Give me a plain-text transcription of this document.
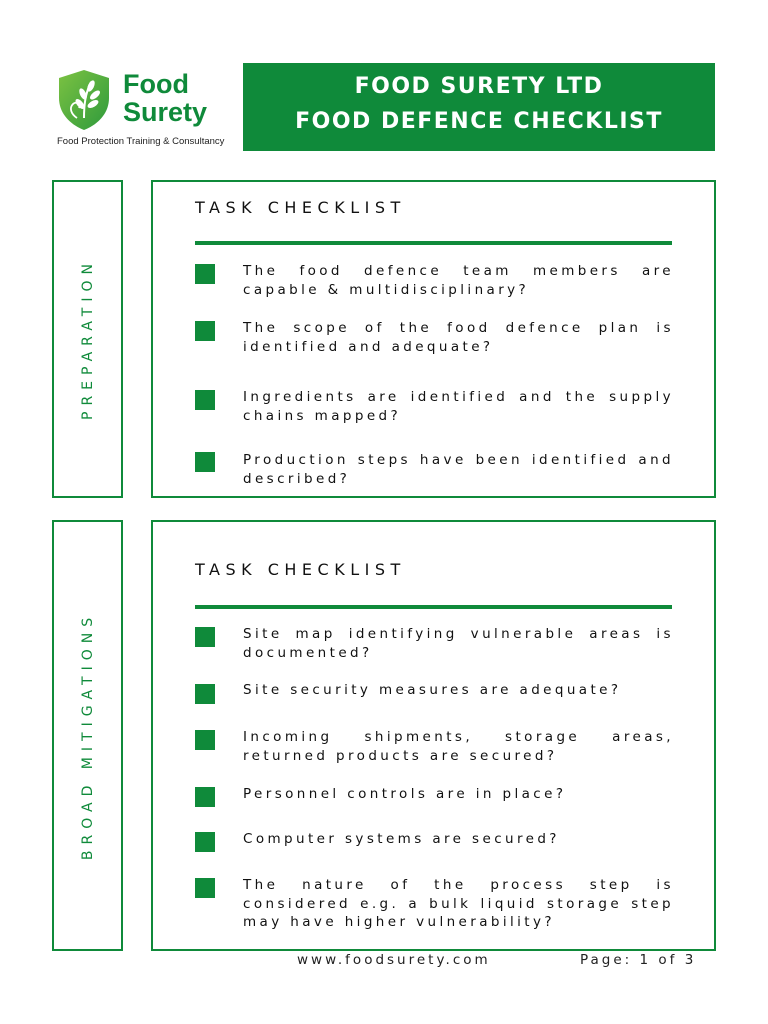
Food
Surety
Food Protection Training & Consultancy
FOOD SURETY LTD
FOOD DEFENCE CHECKLIST
PREPARATION
TASK CHECKLIST
The food defence team members are capable & multidisciplinary?
The scope of the food defence plan is identified and adequate?
Ingredients are identified and the supply chains mapped?
Production steps have been identified and described?
BROAD MITIGATIONS
TASK CHECKLIST
Site map identifying vulnerable areas is documented?
Site security measures are adequate?
Incoming shipments, storage areas, returned products are secured?
Personnel controls are in place?
Computer systems are secured?
The nature of the process step is considered e.g. a bulk liquid storage step may have higher vulnerability?
www.foodsurety.com	Page: 1 of 3
